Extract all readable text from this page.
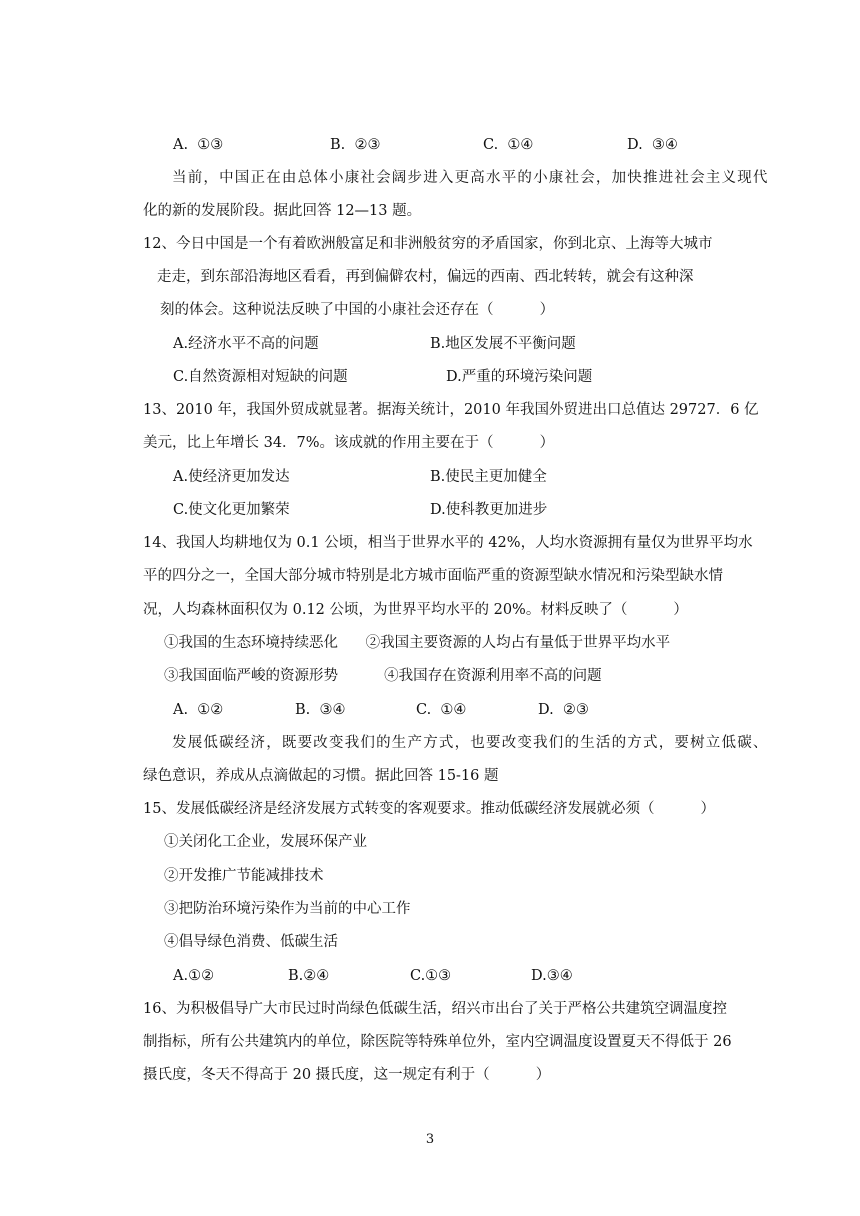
A.  ①③	B.  ②③	C.  ①④	D.  ③④
当前，中国正在由总体小康社会阔步进入更高水平的小康社会，加快推进社会主义现代
化的新的发展阶段。据此回答 12—13 题。
12、今日中国是一个有着欧洲般富足和非洲般贫穷的矛盾国家，你到北京、上海等大城市
走走，到东部沿海地区看看，再到偏僻农村，偏远的西南、西北转转，就会有这种深
刻的体会。这种说法反映了中国的小康社会还存在（          ）
A.经济水平不高的问题	B.地区发展不平衡问题
C.自然资源相对短缺的问题	D.严重的环境污染问题
13、2010 年，我国外贸成就显著。据海关统计，2010 年我国外贸进出口总值达 29727．6 亿
美元，比上年增长 34．7%。该成就的作用主要在于（          ）
A.使经济更加发达	B.使民主更加健全
C.使文化更加繁荣	D.使科教更加进步
14、我国人均耕地仅为 0.1 公顷，相当于世界水平的 42%，人均水资源拥有量仅为世界平均水
平的四分之一，全国大部分城市特别是北方城市面临严重的资源型缺水情况和污染型缺水情
况，人均森林面积仅为 0.12 公顷，为世界平均水平的 20%。材料反映了（          ）
①我国的生态环境持续恶化      ②我国主要资源的人均占有量低于世界平均水平
③我国面临严峻的资源形势          ④我国存在资源利用率不高的问题
A.  ①②	B.  ③④	C.  ①④	D.  ②③
发展低碳经济，既要改变我们的生产方式，也要改变我们的生活的方式，要树立低碳、
绿色意识，养成从点滴做起的习惯。据此回答 15-16 题
15、发展低碳经济是经济发展方式转变的客观要求。推动低碳经济发展就必须（          ）
①关闭化工企业，发展环保产业
②开发推广节能减排技术
③把防治环境污染作为当前的中心工作
④倡导绿色消费、低碳生活
A.①②	B.②④	C.①③	D.③④
16、为积极倡导广大市民过时尚绿色低碳生活，绍兴市出台了关于严格公共建筑空调温度控
制指标，所有公共建筑内的单位，除医院等特殊单位外，室内空调温度设置夏天不得低于 26
摄氏度，冬天不得高于 20 摄氏度，这一规定有利于（          ）
3
